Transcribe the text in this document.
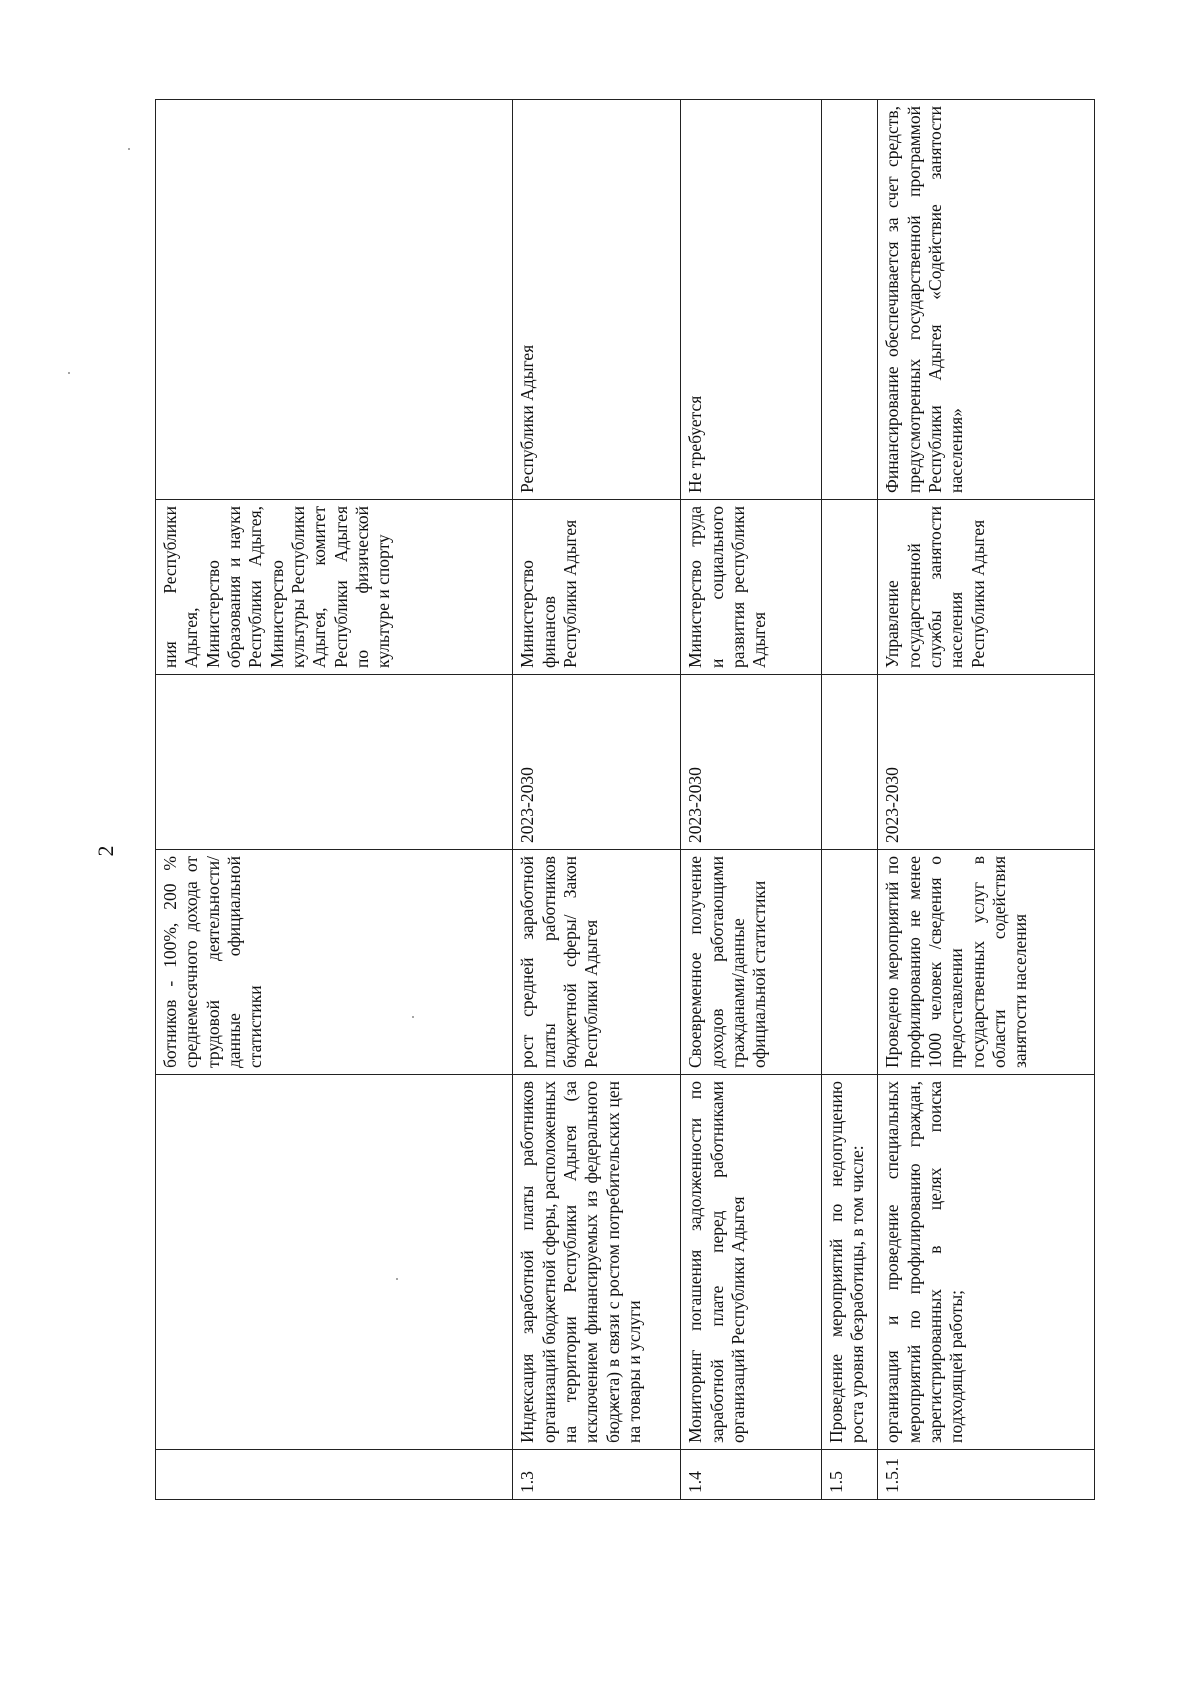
2
		ботников - 100%, 200 % среднемесячного дохода от трудовой деятельности/ данные официальной статистики		ния Республики Адыгея, Министерство образования и науки Республики Адыгея, Министерство культуры Республики Адыгея, комитет Республики Адыгея по физической культуре и спорту	
1.3	Индексация заработной платы работников организаций бюджетной сферы, расположенных на территории Республики Адыгея (за исключением финансируемых из федерального бюджета) в связи с ростом потребительских цен на товары и услуги	рост средней заработной платы работников бюджетной сферы/ Закон Республики Адыгея	2023-2030	Министерство финансов Республики Адыгея	Республики Адыгея
1.4	Мониторинг погашения задолженности по заработной плате перед работниками организаций Республики Адыгея	Своевременное получение доходов работающими гражданами/данные официальной статистики	2023-2030	Министерство труда и социального развития республики Адыгея	Не требуется
1.5	Проведение мероприятий по недопущению роста уровня безработицы, в том числе:				
1.5.1	организация и проведение специальных мероприятий по профилированию граждан, зарегистрированных в целях поиска подходящей работы;	Проведено мероприятий по профилированию не менее 1000 человек /сведения о предоставлении государственных услуг в области содействия занятости населения	2023-2030	Управление государственной службы занятости населения Республики Адыгея	Финансирование обеспечивается за счет средств, предусмотренных государственной программой Республики Адыгея «Содействие занятости населения»
